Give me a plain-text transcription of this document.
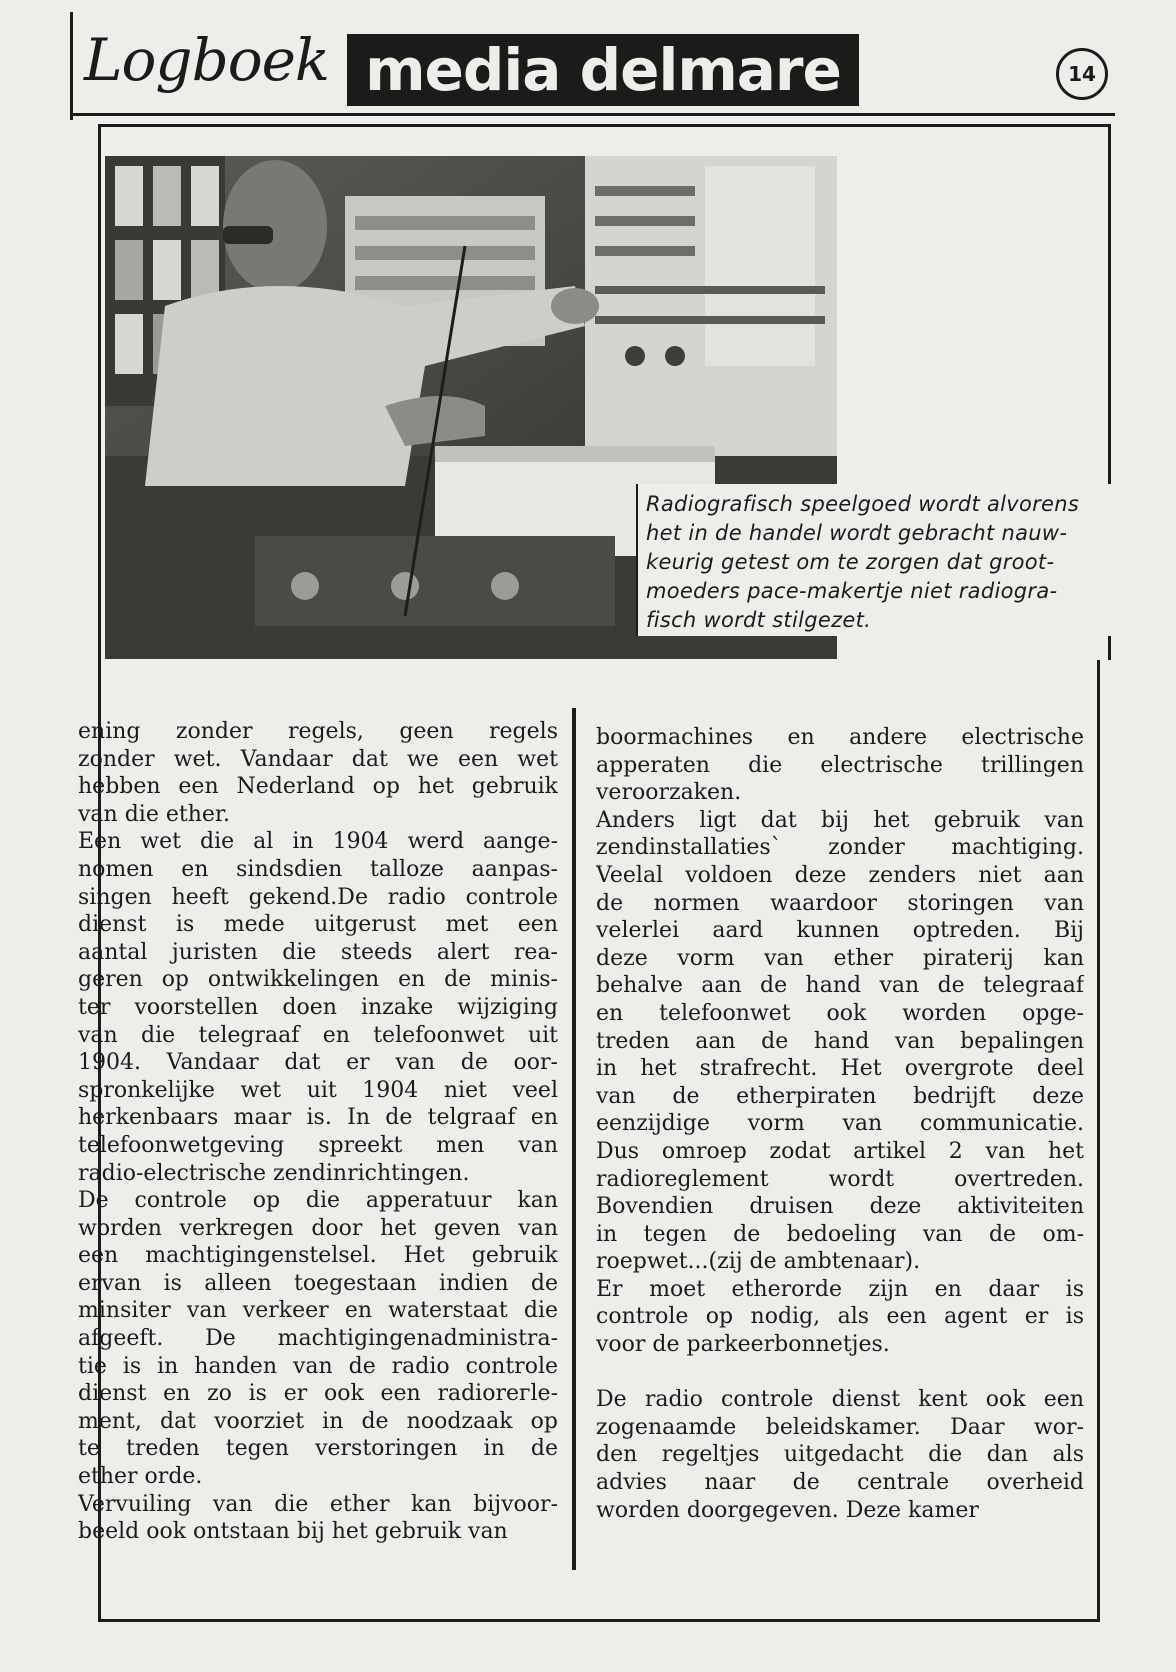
Logboek media delmare	14
Radiografisch speelgoed wordt alvorens
het in de handel wordt gebracht nauw-
keurig getest om te zorgen dat groot-
moeders pace-makertje niet radiogra-
fisch wordt stilgezet.
ening zonder regels, geen regels
zonder wet. Vandaar dat we een wet
hebben een Nederland op het gebruik
van die ether.
Een wet die al in 1904 werd aange-
nomen en sindsdien talloze aanpas-
singen heeft gekend.De radio controle
dienst is mede uitgerust met een
aantal juristen die steeds alert rea-
geren op ontwikkelingen en de minis-
ter voorstellen doen inzake wijziging
van die telegraaf en telefoonwet uit
1904. Vandaar dat er van de oor-
spronkelijke wet uit 1904 niet veel
herkenbaars maar is. In de telgraaf en
telefoonwetgeving spreekt men van
radio-electrische zendinrichtingen.
De controle op die apperatuur kan
worden verkregen door het geven van
een machtigingenstelsel. Het gebruik
ervan is alleen toegestaan indien de
minsiter van verkeer en waterstaat die
afgeeft. De machtigingenadministra-
tie is in handen van de radio controle
dienst en zo is er ook een radiorегle-
ment, dat voorziet in de noodzaak op
te treden tegen verstoringen in de
ether orde.
Vervuiling van die ether kan bijvoor-
beeld ook ontstaan bij het gebruik van
boormachines en andere electrische
apperaten die electrische trillingen
veroorzaken.
Anders ligt dat bij het gebruik van
zendinstallaties` zonder machtiging.
Veelal voldoen deze zenders niet aan
de normen waardoor storingen van
velerlei aard kunnen optreden. Bij
deze vorm van ether piraterij kan
behalve aan de hand van de telegraaf
en telefoonwet ook worden opge-
treden aan de hand van bepalingen
in het strafrecht. Het overgrote deel
van de etherpiraten bedrijft deze
eenzijdige vorm van communicatie.
Dus omroep zodat artikel 2 van het
radioreglement wordt overtreden.
Bovendien druisen deze aktiviteiten
in tegen de bedoeling van de om-
roepwet...(zij de ambtenaar).
Er moet etherorde zijn en daar is
controle op nodig, als een agent er is
voor de parkeerbonnetjes.
De radio controle dienst kent ook een
zogenaamde beleidskamer. Daar wor-
den regeltjes uitgedacht die dan als
advies naar de centrale overheid
worden doorgegeven. Deze kamer
